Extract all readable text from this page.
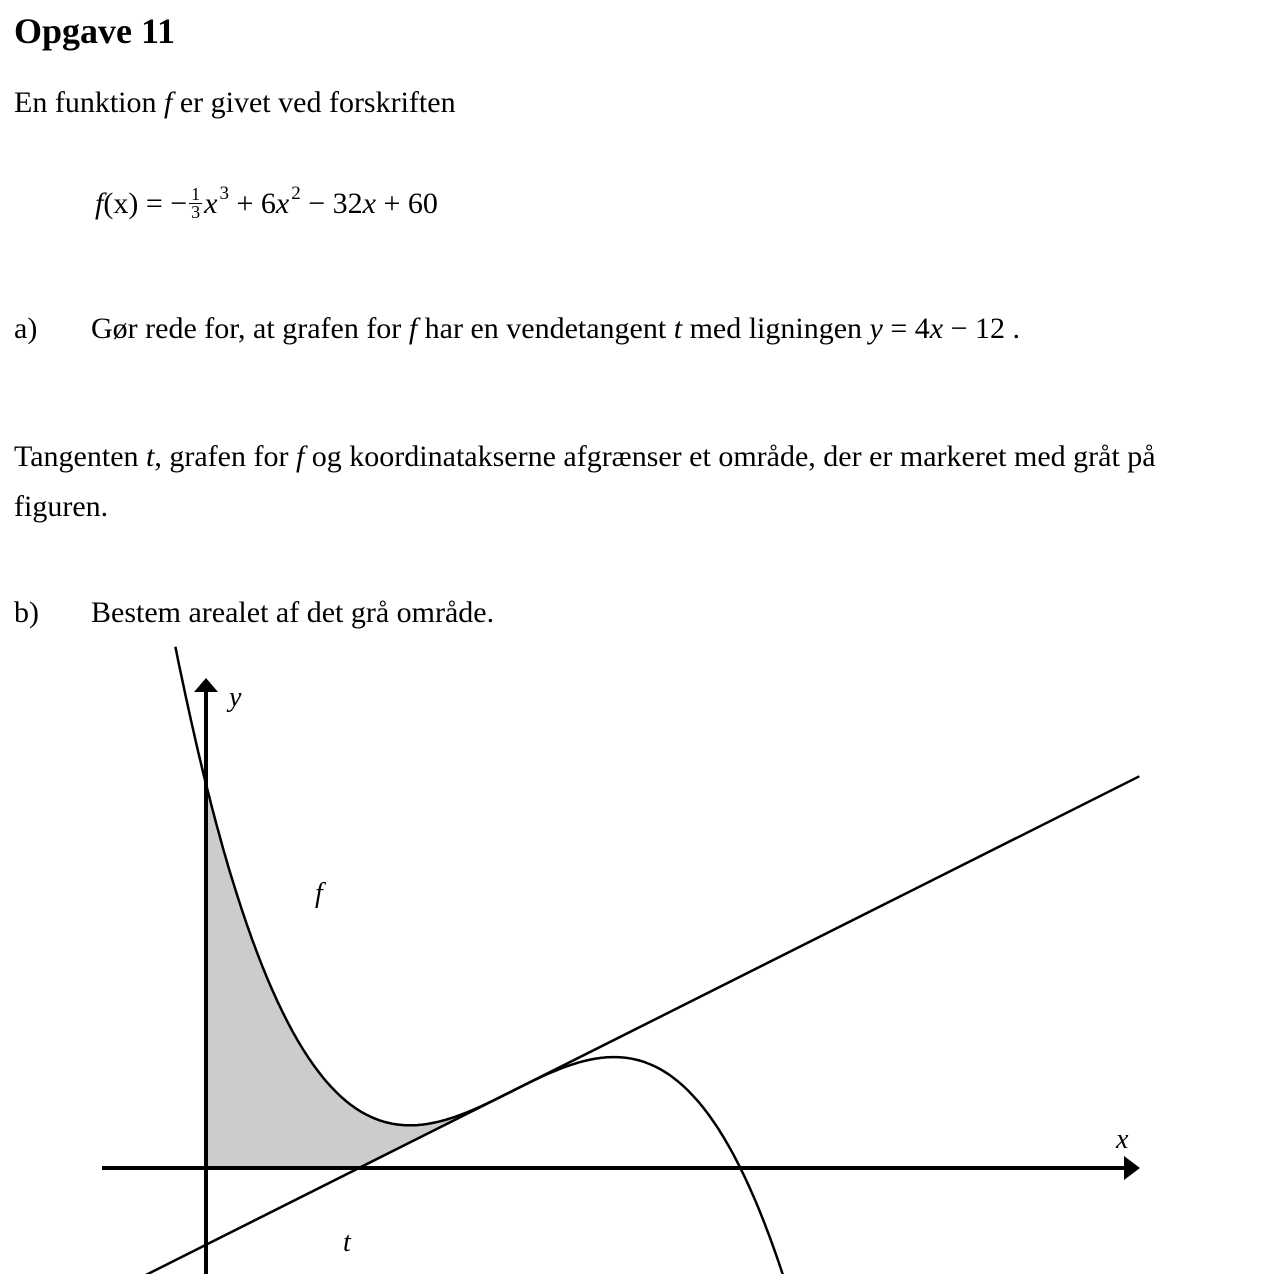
Opgave 11
En funktion f er givet ved forskriften
f(x) = − $\frac{1}{3}$ x $^3$ + 6x $^2$ − 32x + 60
a) Gør rede for, at grafen for f har en vendetangent t med ligningen y = 4x − 12 .
Tangenten t, grafen for f og koordinatakserne afgrænser et område, der er markeret med gråt på figuren.
b) Bestem arealet af det grå område.
y
x
f
t
